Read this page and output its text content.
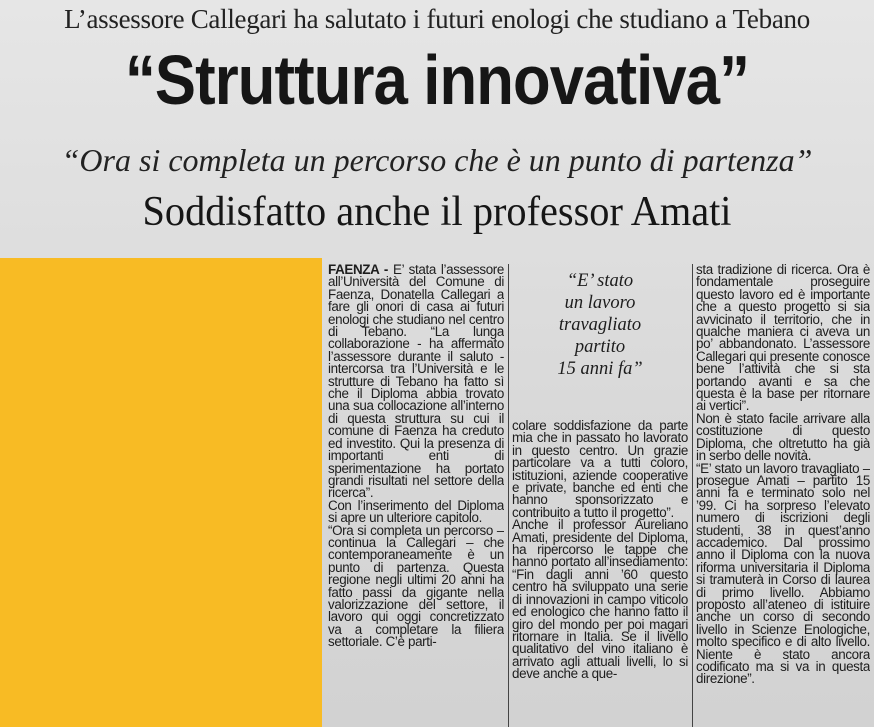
L’assessore Callegari ha salutato i futuri enologi che studiano a Tebano
“Struttura innovativa”
“Ora si completa un percorso che è un punto di partenza”
Soddisfatto anche il professor Amati

FAENZA - E’ stata l’assessore all’Università del Comune di Faenza, Donatella Callegari a fare gli onori di casa ai futuri enologi che studiano nel centro di Tebano. “La lunga collaborazione - ha affermato l’assessore durante il saluto - intercorsa tra l’Università e le strutture di Tebano ha fatto sì che il Diploma abbia trovato una sua collocazione all’interno di questa struttura su cui il comune di Faenza ha creduto ed investito. Qui la presenza di importanti enti di sperimentazione ha portato grandi risultati nel settore della ricerca”.

Con l’inserimento del Diploma si apre un ulteriore capitolo.

“Ora si completa un percorso – continua la Callegari – che contemporaneamente è un punto di partenza. Questa regione negli ultimi 20 anni ha fatto passi da gigante nella valorizzazione del settore, il lavoro qui oggi concretizzato va a completare la filiera settoriale. C’è parti-

“E’ stato
un lavoro
travagliato
partito
15 anni fa”

colare soddisfazione da parte mia che in passato ho lavorato in questo centro. Un grazie particolare va a tutti coloro, istituzioni, aziende cooperative e private, banche ed enti che hanno sponsorizzato e contribuito a tutto il progetto”.

Anche il professor Aureliano Amati, presidente del Diploma, ha ripercorso le tappe che hanno portato all’insediamento: “Fin dagli anni ’60 questo centro ha sviluppato una serie di innovazioni in campo viticolo ed enologico che hanno fatto il giro del mondo per poi magari ritornare in Italia. Se il livello qualitativo del vino italiano è arrivato agli attuali livelli, lo si deve anche a que-

sta tradizione di ricerca. Ora è fondamentale proseguire questo lavoro ed è importante che a questo progetto si sia avvicinato il territorio, che in qualche maniera ci aveva un po’ abbandonato. L’assessore Callegari qui presente conosce bene l’attività che si sta portando avanti e sa che questa è la base per ritornare ai vertici”.

Non è stato facile arrivare alla costituzione di questo Diploma, che oltretutto ha già in serbo delle novità.

“E’ stato un lavoro travagliato – prosegue Amati – partito 15 anni fa e terminato solo nel ’99. Ci ha sorpreso l’elevato numero di iscrizioni degli studenti, 38 in quest’anno accademico. Dal prossimo anno il Diploma con la nuova riforma universitaria il Diploma si tramuterà in Corso di laurea di primo livello. Abbiamo proposto all’ateneo di istituire anche un corso di secondo livello in Scienze Enologiche, molto specifico e di alto livello. Niente è stato ancora codificato ma si va in questa direzione”.
